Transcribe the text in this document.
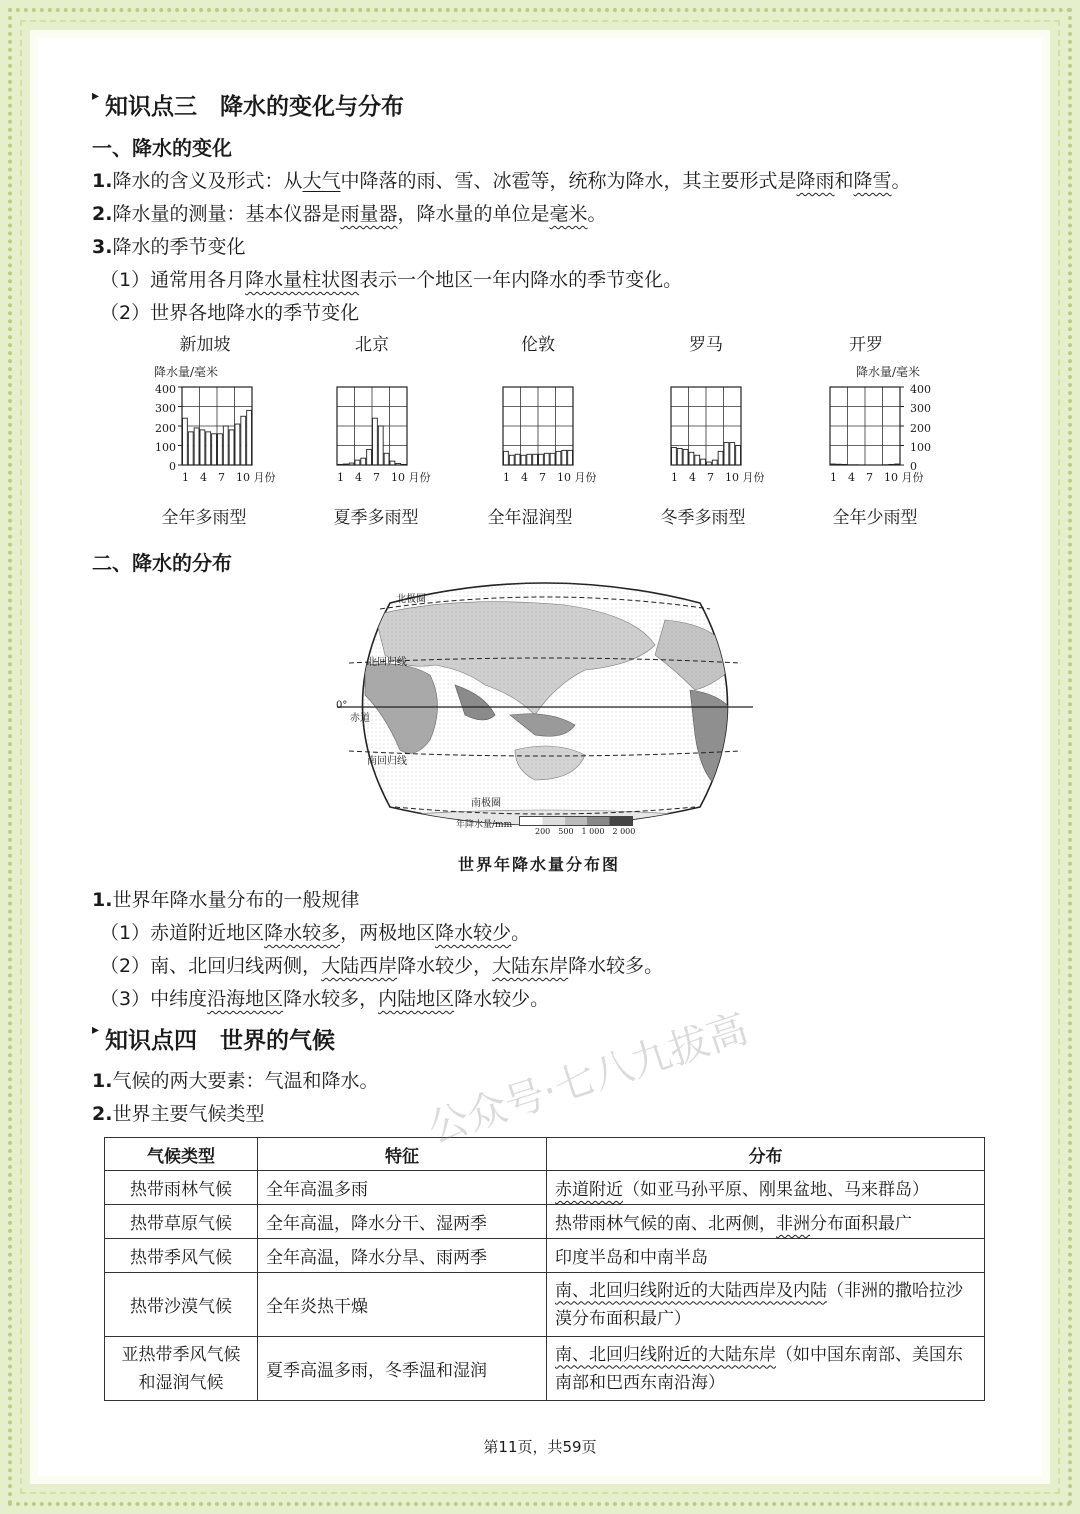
▸ 知识点三　降水的变化与分布
一、降水的变化
1.降水的含义及形式：从大气中降落的雨、雪、冰雹等，统称为降水，其主要形式是降雨和降雪。
2.降水量的测量：基本仪器是雨量器，降水量的单位是毫米。
3.降水的季节变化
（1）通常用各月降水量柱状图表示一个地区一年内降水的季节变化。
（2）世界各地降水的季节变化
新加坡	北京	伦敦	罗马	开罗
降水量/毫米
400
300
200
100
0
降水量/毫米
400
300
200
100
0
1　4　7　10 月份	1　4　7　10 月份	1　4　7　10 月份	1　4　7　10 月份	1　4　7　10 月份
全年多雨型	夏季多雨型	全年湿润型	冬季多雨型	全年少雨型
二、降水的分布
北极圈
北回归线
赤道
0°
南回归线
南极圈
年降水量/mm
200　500　1 000　2 000
世界年降水量分布图
1.世界年降水量分布的一般规律
（1）赤道附近地区降水较多，两极地区降水较少。
（2）南、北回归线两侧，大陆西岸降水较少，大陆东岸降水较多。
（3）中纬度沿海地区降水较多，内陆地区降水较少。
▸ 知识点四　世界的气候
1.气候的两大要素：气温和降水。
2.世界主要气候类型
气候类型	特征	分布
热带雨林气候	全年高温多雨	赤道附近（如亚马孙平原、刚果盆地、马来群岛）
热带草原气候	全年高温，降水分干、湿两季	热带雨林气候的南、北两侧，非洲分布面积最广
热带季风气候	全年高温，降水分旱、雨两季	印度半岛和中南半岛
热带沙漠气候	全年炎热干燥	南、北回归线附近的大陆西岸及内陆（非洲的撒哈拉沙漠分布面积最广）

亚热带季风气候
和湿润气候	夏季高温多雨，冬季温和湿润	南、北回归线附近的大陆东岸（如中国东南部、美国东南部和巴西东南沿海）
公众号·七八九拔高
第11页，共59页
